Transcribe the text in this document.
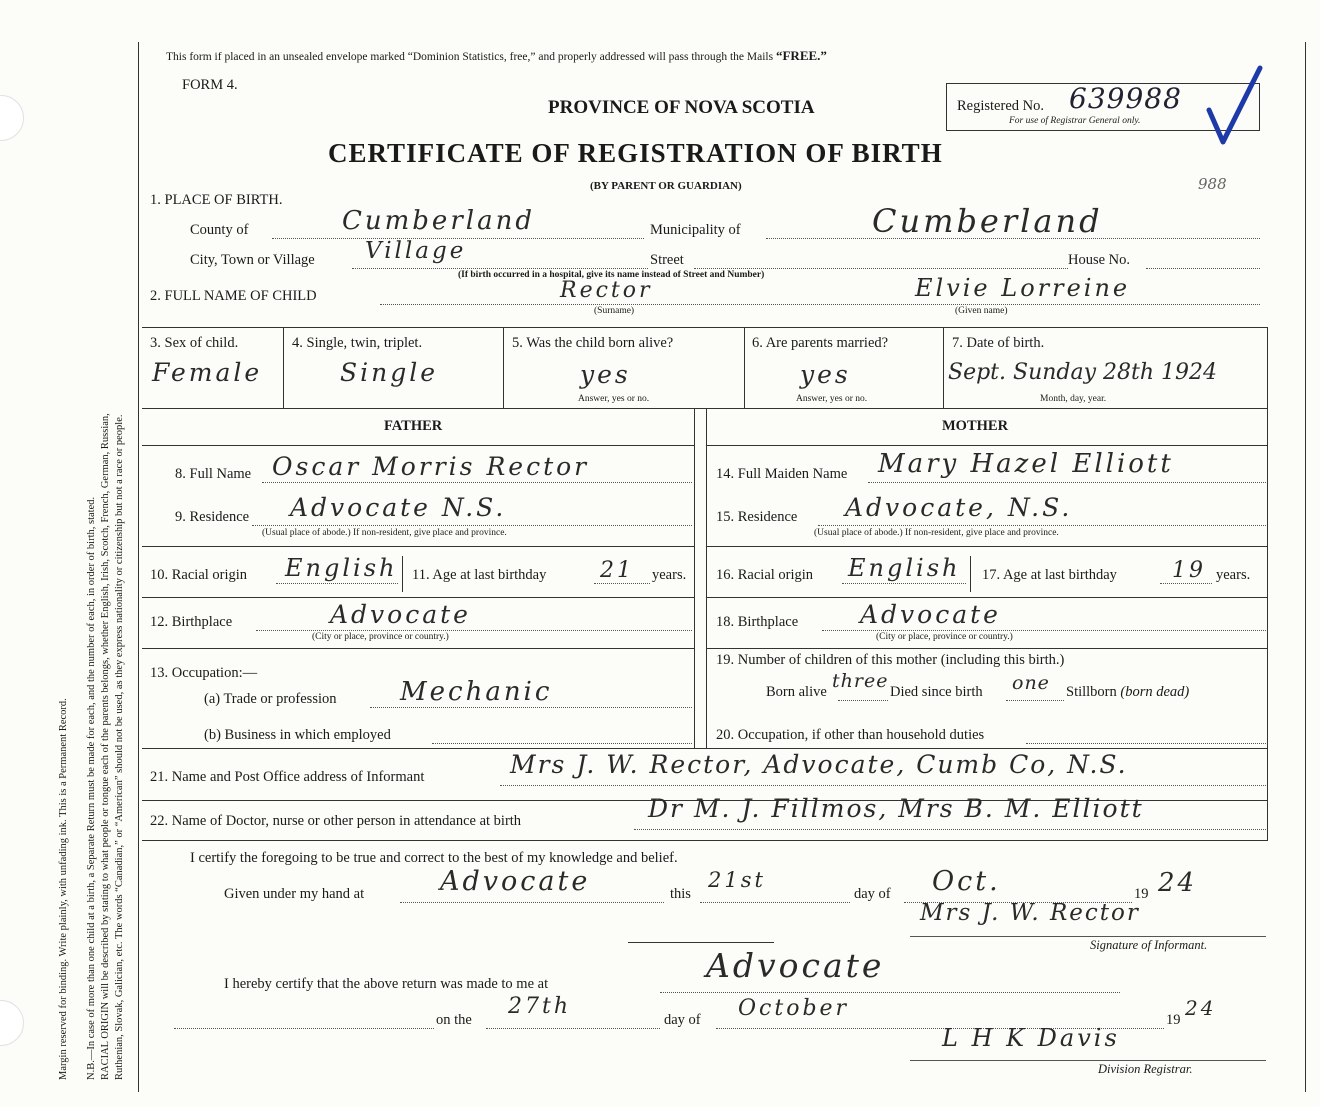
Margin reserved for binding. Write plainly, with unfading ink. This is a Permanent Record. N.B.—In case of more than one child at a birth, a Separate Return must be made for each, and the number of each, in order of birth, stated. RACIAL ORIGIN will be described by stating to what people or tongue each of the parents belongs, whether English, Irish, Scotch, French, German, Russian, Ruthenian, Slovak, Galician, etc. The words “Canadian,” or “American” should not be used, as they express nationality or citizenship but not a race or people.
This form if placed in an unsealed envelope marked “Dominion Statistics, free,” and properly addressed will pass through the Mails “FREE.”
FORM 4.
PROVINCE OF NOVA SCOTIA
CERTIFICATE OF REGISTRATION OF BIRTH
(BY PARENT OR GUARDIAN)
Registered No. 639988
For use of Registrar General only.
988
1. PLACE OF BIRTH.
County of	Cumberland	Municipality of	Cumberland
City, Town or Village Village	Street	House No.
(If birth occurred in a hospital, give its name instead of Street and Number)
2. FULL NAME OF CHILD	Rector
(Surname)
Elvie Lorreine
(Given name)
3. Sex of child.
Female
4. Single, twin, triplet.
Single
5. Was the child born alive?
yes
Answer, yes or no.
6. Are parents married?
yes
Answer, yes or no.
7. Date of birth.
Sept. Sunday 28th 1924
Month, day, year.
FATHER	MOTHER
8. Full Name Oscar Morris Rector
9. Residence Advocate N.S.
(Usual place of abode.) If non-resident, give place and province.
10. Racial origin English 11. Age at last birthday 21 years.
12. Birthplace	Advocate
(City or place, province or country.)
13. Occupation:—
(a) Trade or profession Mechanic
(b) Business in which employed
14. Full Maiden Name Mary Hazel Elliott
15. Residence Advocate, N.S.
(Usual place of abode.) If non-resident, give place and province.
16. Racial origin English 17. Age at last birthday	19 years.
18. Birthplace Advocate
(City or place, province or country.)
19. Number of children of this mother (including this birth.)
Born alive three Died since birth one Stillborn (born dead)
20. Occupation, if other than household duties
21. Name and Post Office address of Informant	Mrs J. W. Rector, Advocate, Cumb Co, N.S.
22. Name of Doctor, nurse or other person in attendance at birth	Dr M. J. Fillmos, Mrs B. M. Elliott
I certify the foregoing to be true and correct to the best of my knowledge and belief.
Given under my hand at	Advocate	this
21st
day of Oct.	19 24
Mrs J. W. Rector
Signature of Informant.
I hereby certify that the above return was made to me at	Advocate
on the
27th
day of October	19 24
L H K Davis
Division Registrar.
